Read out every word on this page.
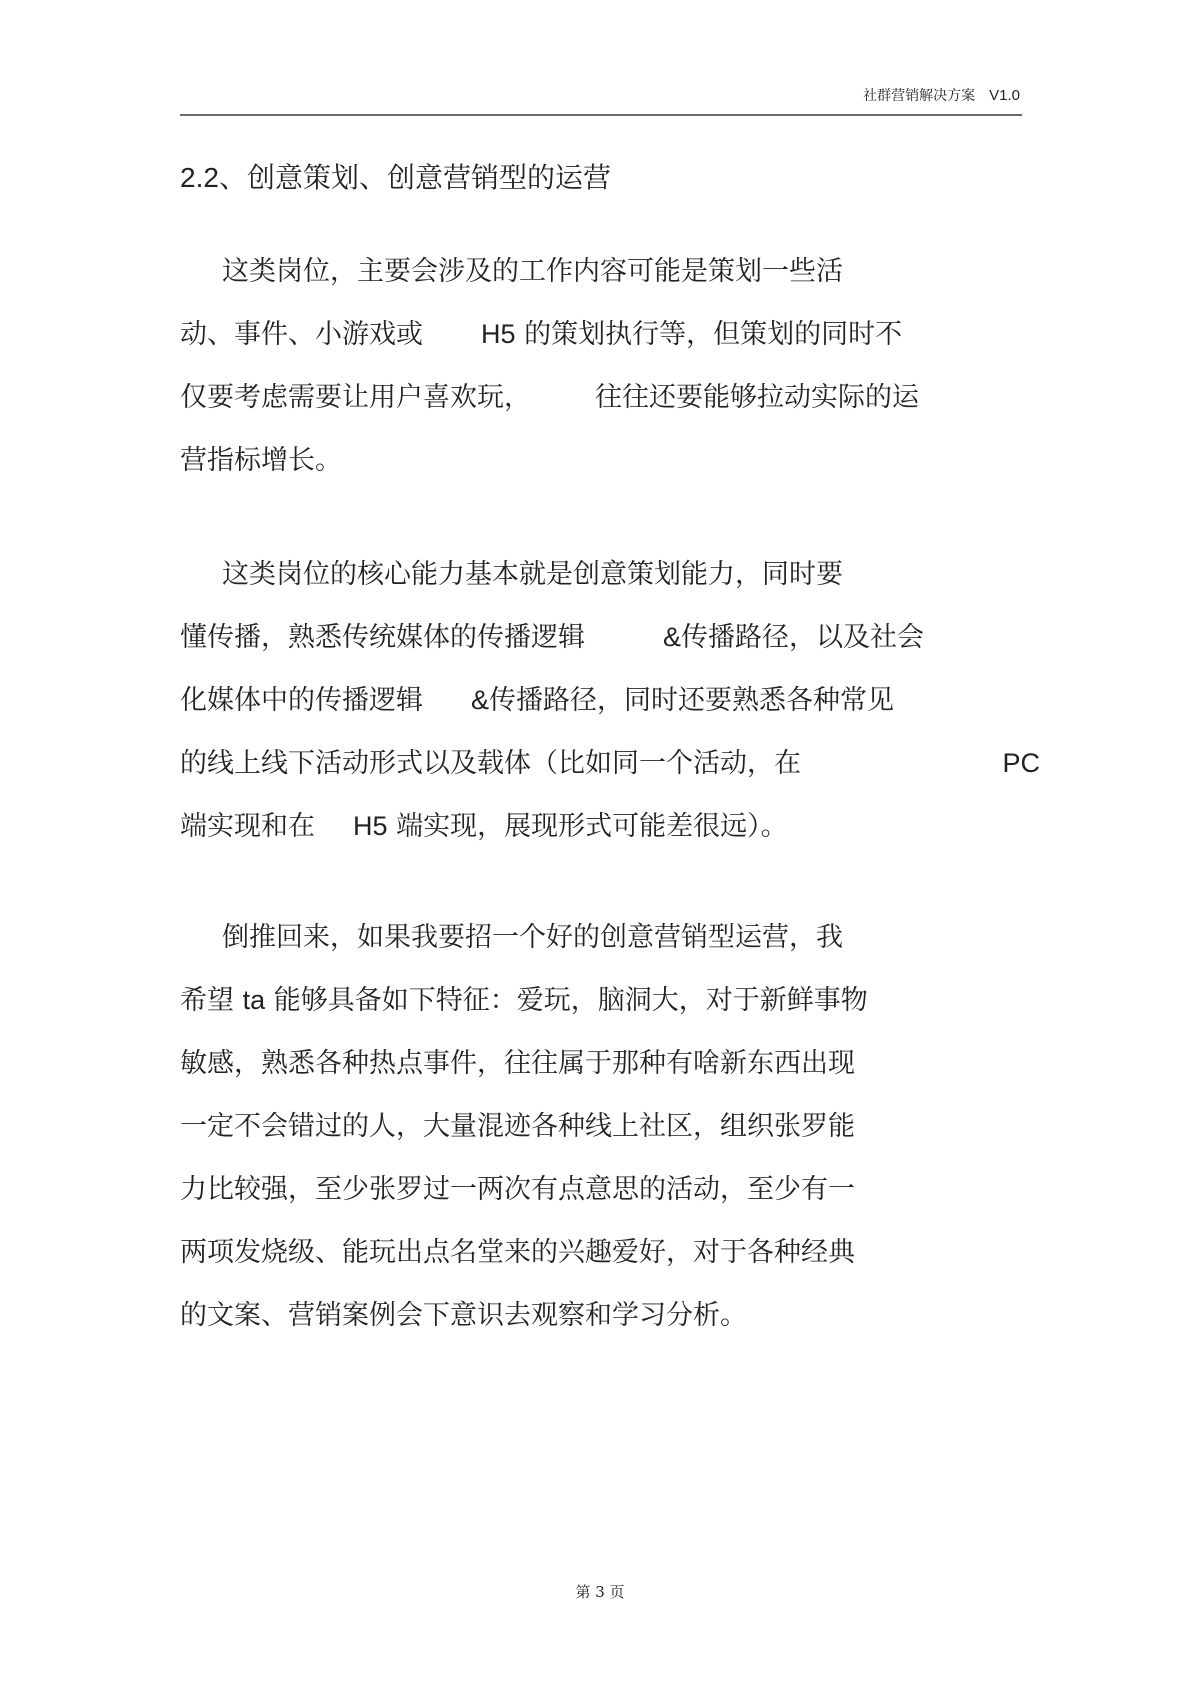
社群营销解决方案 V1.0
2.2、创意策划、创意营销型的运营
这类岗位，主要会涉及的工作内容可能是策划一些活
动、事件、小游戏或 H5 的策划执行等，但策划的同时不
仅要考虑需要让用户喜欢玩， 往往还要能够拉动实际的运
营指标增长。
这类岗位的核心能力基本就是创意策划能力，同时要
懂传播，熟悉传统媒体的传播逻辑	&传播路径，以及社会
化媒体中的传播逻辑 &传播路径，同时还要熟悉各种常见
的线上线下活动形式以及载体（比如同一个活动，在	PC
端实现和在 H5 端实现，展现形式可能差很远）。
倒推回来，如果我要招一个好的创意营销型运营，我
希望 ta 能够具备如下特征：爱玩，脑洞大，对于新鲜事物
敏感，熟悉各种热点事件，往往属于那种有啥新东西出现
一定不会错过的人，大量混迹各种线上社区，组织张罗能
力比较强，至少张罗过一两次有点意思的活动，至少有一
两项发烧级、能玩出点名堂来的兴趣爱好，对于各种经典
的文案、营销案例会下意识去观察和学习分析。
第 3 页
